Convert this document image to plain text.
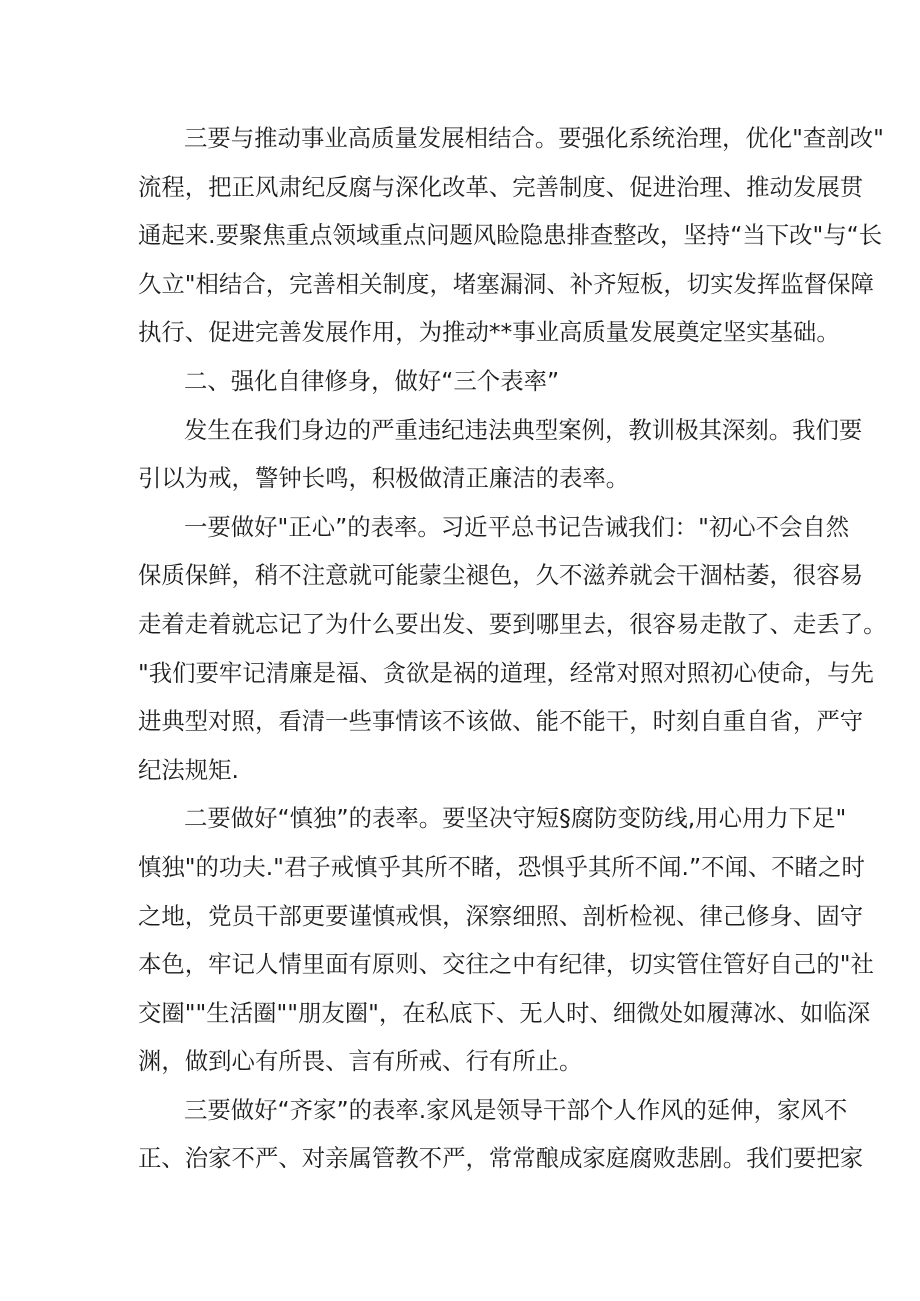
三要与推动事业高质量发展相结合。要强化系统治理，优化"查剖改"
流程，把正风肃纪反腐与深化改革、完善制度、促进治理、推动发展贯
通起来.要聚焦重点领域重点问题风睑隐患排查整改，坚持“当下改"与“长
久立"相结合，完善相关制度，堵塞漏洞、补齐短板，切实发挥监督保障
执行、促进完善发展作用，为推动**事业高质量发展奠定坚实基础。
二、强化自律修身，做好“三个表率”
发生在我们身边的严重违纪违法典型案例，教训极其深刻。我们要
引以为戒，警钟长鸣，积极做清正廉洁的表率。
一要做好"正心”的表率。习近平总书记告诫我们："初心不会自然
保质保鲜，稍不注意就可能蒙尘褪色，久不滋养就会干涸枯萎，很容易
走着走着就忘记了为什么要出发、要到哪里去，很容易走散了、走丢了。
"我们要牢记清廉是福、贪欲是祸的道理，经常对照对照初心使命，与先
进典型对照，看清一些事情该不该做、能不能干，时刻自重自省，严守
纪法规矩.
二要做好“慎独”的表率。要坚决守短§腐防变防线,用心用力下足"
慎独"的功夫."君子戒慎乎其所不睹，恐惧乎其所不闻.”不闻、不睹之时
之地，党员干部更要谨慎戒惧，深察细照、剖析检视、律己修身、固守
本色，牢记人情里面有原则、交往之中有纪律，切实管住管好自己的"社
交圈""生活圈""朋友圈"，在私底下、无人时、细微处如履薄冰、如临深
渊，做到心有所畏、言有所戒、行有所止。
三要做好“齐家”的表率.家风是领导干部个人作风的延伸，家风不
正、治家不严、对亲属管教不严，常常酿成家庭腐败悲剧。我们要把家
